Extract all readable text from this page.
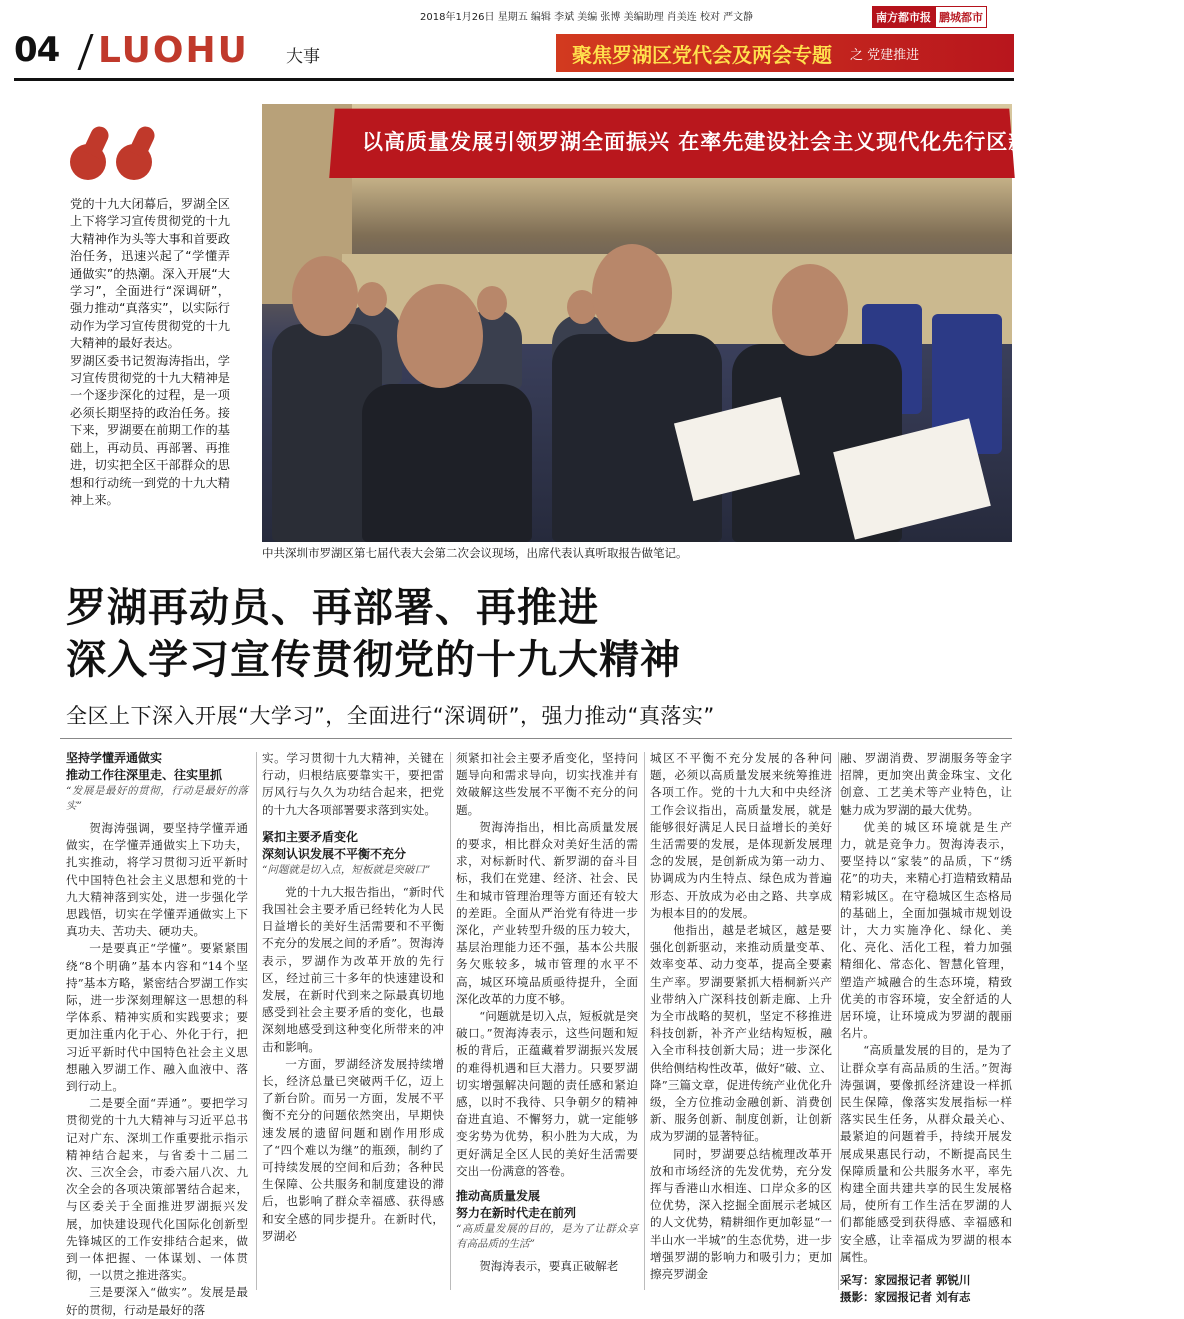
2018年1月26日 星期五 编辑 李斌 美编 张博 美编助理 肖美连 校对 严文静	南方都市报 鹏城都市
04 LUOHU 大事	聚焦罗湖区党代会及两会专题 之 党建推进

党的十九大闭幕后，罗湖全区上下将学习宣传贯彻党的十九大精神作为头等大事和首要政治任务，迅速兴起了“学懂弄通做实”的热潮。深入开展“大学习”，全面进行“深调研”，强力推动“真落实”，以实际行动作为学习宣传贯彻党的十九大精神的最好表达。

罗湖区委书记贺海涛指出，学习宣传贯彻党的十九大精神是一个逐步深化的过程，是一项必须长期坚持的政治任务。接下来，罗湖要在前期工作的基础上，再动员、再部署、再推进，切实把全区干部群众的思想和行动统一到党的十九大精神上来。

以高质量发展引领罗湖全面振兴 在率先建设社会主义现代化先行区新征程中勇当先锋
中共深圳市罗湖区第七届代表大会第二次会议现场，出席代表认真听取报告做笔记。
罗湖再动员、再部署、再推进
深入学习宣传贯彻党的十九大精神
全区上下深入开展“大学习”，全面进行“深调研”，强力推动“真落实”
坚持学懂弄通做实
推动工作往深里走、往实里抓
“发展是最好的贯彻，行动是最好的落实”

贺海涛强调，要坚持学懂弄通做实，在学懂弄通做实上下功夫，扎实推动，将学习贯彻习近平新时代中国特色社会主义思想和党的十九大精神落到实处，进一步强化学思践悟，切实在学懂弄通做实上下真功夫、苦功夫、硬功夫。

一是要真正“学懂”。要紧紧围绕“8个明确”基本内容和“14个坚持”基本方略，紧密结合罗湖工作实际，进一步深刻理解这一思想的科学体系、精神实质和实践要求；要更加注重内化于心、外化于行，把习近平新时代中国特色社会主义思想融入罗湖工作、融入血液中、落到行动上。

二是要全面“弄通”。要把学习贯彻党的十九大精神与习近平总书记对广东、深圳工作重要批示指示精神结合起来，与省委十二届二次、三次全会，市委六届八次、九次全会的各项决策部署结合起来，与区委关于全面推进罗湖振兴发展，加快建设现代化国际化创新型先锋城区的工作安排结合起来，做到一体把握、一体谋划、一体贯彻，一以贯之推进落实。

三是要深入“做实”。发展是最好的贯彻，行动是最好的落

实。学习贯彻十九大精神，关键在行动，归根结底要靠实干，要把雷厉风行与久久为功结合起来，把党的十九大各项部署要求落到实处。

紧扣主要矛盾变化
深刻认识发展不平衡不充分
“问题就是切入点，短板就是突破口”

党的十九大报告指出，“新时代我国社会主要矛盾已经转化为人民日益增长的美好生活需要和不平衡不充分的发展之间的矛盾”。贺海涛表示，罗湖作为改革开放的先行区，经过前三十多年的快速建设和发展，在新时代到来之际最真切地感受到社会主要矛盾的变化，也最深刻地感受到这种变化所带来的冲击和影响。

一方面，罗湖经济发展持续增长，经济总量已突破两千亿，迈上了新台阶。而另一方面，发展不平衡不充分的问题依然突出，早期快速发展的遗留问题和剧作用形成了“四个难以为继”的瓶颈，制约了可持续发展的空间和后劲；各种民生保障、公共服务和制度建设的滞后，也影响了群众幸福感、获得感和安全感的同步提升。在新时代，罗湖必

须紧扣社会主要矛盾变化，坚持问题导向和需求导向，切实找准并有效破解这些发展不平衡不充分的问题。

贺海涛指出，相比高质量发展的要求，相比群众对美好生活的需求，对标新时代、新罗湖的奋斗目标，我们在党建、经济、社会、民生和城市管理治理等方面还有较大的差距。全面从严治党有待进一步深化，产业转型升级的压力较大，基层治理能力还不强，基本公共服务欠账较多，城市管理的水平不高，城区环境品质亟待提升，全面深化改革的力度不够。

“问题就是切入点，短板就是突破口。”贺海涛表示，这些问题和短板的背后，正蕴藏着罗湖振兴发展的难得机遇和巨大潜力。只要罗湖切实增强解决问题的责任感和紧迫感，以时不我待、只争朝夕的精神奋进直追、不懈努力，就一定能够变劣势为优势，积小胜为大成，为更好满足全区人民的美好生活需要交出一份满意的答卷。

推动高质量发展
努力在新时代走在前列
“高质量发展的目的，是为了让群众享有高品质的生活”

贺海涛表示，要真正破解老

城区不平衡不充分发展的各种问题，必须以高质量发展来统筹推进各项工作。党的十九大和中央经济工作会议指出，高质量发展，就是能够很好满足人民日益增长的美好生活需要的发展，是体现新发展理念的发展，是创新成为第一动力、协调成为内生特点、绿色成为普遍形态、开放成为必由之路、共享成为根本目的的发展。

他指出，越是老城区，越是要强化创新驱动，来推动质量变革、效率变革、动力变革，提高全要素生产率。罗湖要紧抓大梧桐新兴产业带纳入广深科技创新走廊、上升为全市战略的契机，坚定不移推进科技创新，补齐产业结构短板，融入全市科技创新大局；进一步深化供给侧结构性改革，做好“破、立、降”三篇文章，促进传统产业优化升级，全方位推动金融创新、消费创新、服务创新、制度创新，让创新成为罗湖的显著特征。

同时，罗湖要总结梳理改革开放和市场经济的先发优势，充分发挥与香港山水相连、口岸众多的区位优势，深入挖掘全面展示老城区的人文优势，精耕细作更加彰显“一半山水一半城”的生态优势，进一步增强罗湖的影响力和吸引力；更加擦亮罗湖金

融、罗湖消费、罗湖服务等金字招牌，更加突出黄金珠宝、文化创意、工艺美术等产业特色，让魅力成为罗湖的最大优势。

优美的城区环境就是生产力，就是竞争力。贺海涛表示，要坚持以“家装”的品质，下“绣花”的功夫，来精心打造精致精品精彩城区。在守稳城区生态格局的基础上，全面加强城市规划设计，大力实施净化、绿化、美化、亮化、活化工程，着力加强精细化、常态化、智慧化管理，塑造产城融合的生态环境，精致优美的市容环境，安全舒适的人居环境，让环境成为罗湖的靓丽名片。

“高质量发展的目的，是为了让群众享有高品质的生活。”贺海涛强调，要像抓经济建设一样抓民生保障，像落实发展指标一样落实民生任务，从群众最关心、最紧迫的问题着手，持续开展发展成果惠民行动，不断提高民生保障质量和公共服务水平，率先构建全面共建共享的民生发展格局，使所有工作生活在罗湖的人们都能感受到获得感、幸福感和安全感，让幸福成为罗湖的根本属性。

采写：家园报记者 郭锐川
摄影：家园报记者 刘有志
